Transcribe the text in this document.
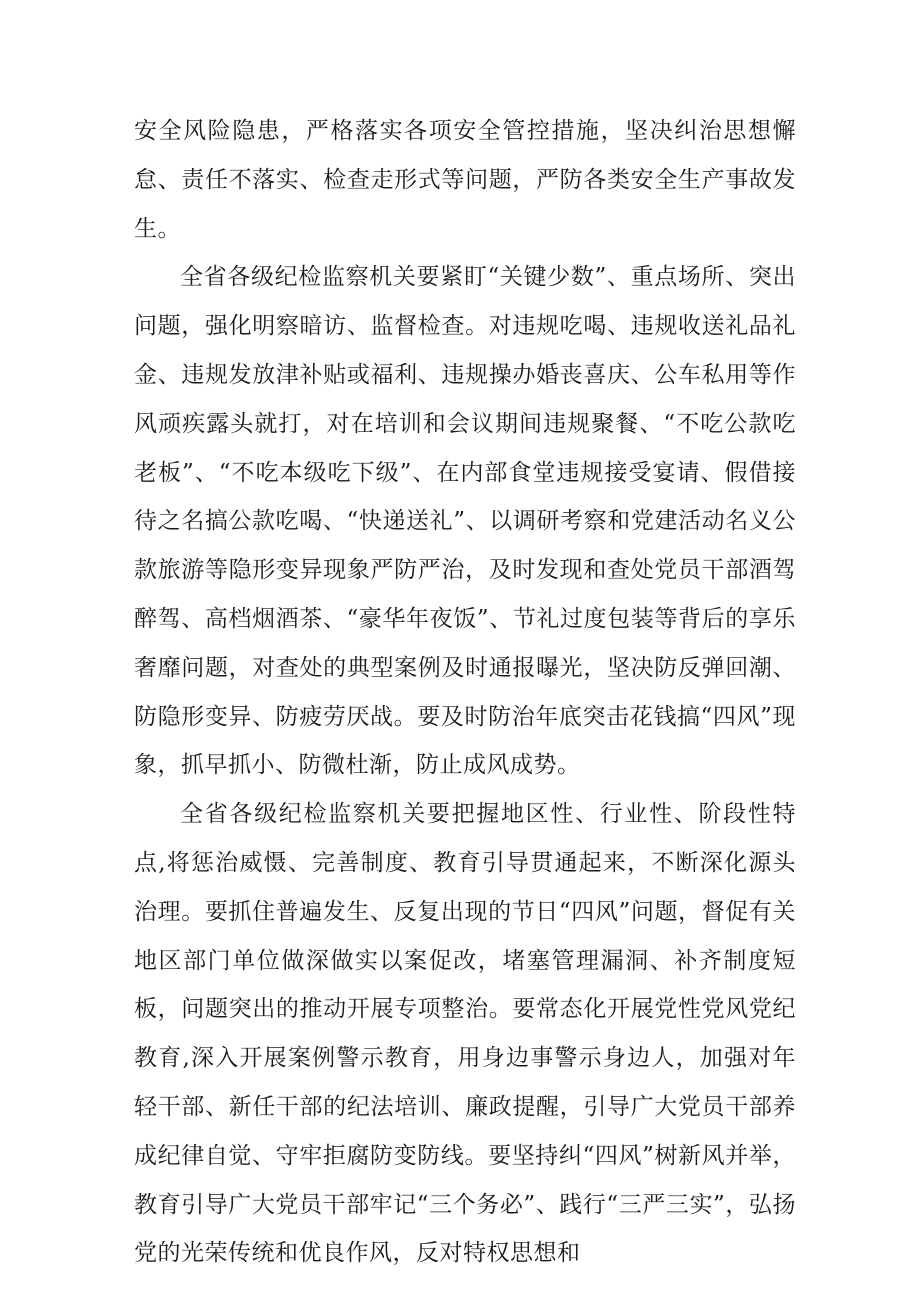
安全风险隐患，严格落实各项安全管控措施，坚决纠治思想懈怠、责任不落实、检查走形式等问题，严防各类安全生产事故发生。

全省各级纪检监察机关要紧盯“关键少数”、重点场所、突出问题，强化明察暗访、监督检查。对违规吃喝、违规收送礼品礼金、违规发放津补贴或福利、违规操办婚丧喜庆、公车私用等作风顽疾露头就打，对在培训和会议期间违规聚餐、“不吃公款吃老板”、“不吃本级吃下级”、在内部食堂违规接受宴请、假借接待之名搞公款吃喝、“快递送礼”、以调研考察和党建活动名义公款旅游等隐形变异现象严防严治，及时发现和查处党员干部酒驾醉驾、高档烟酒茶、“豪华年夜饭”、节礼过度包装等背后的享乐奢靡问题，对查处的典型案例及时通报曝光，坚决防反弹回潮、防隐形变异、防疲劳厌战。要及时防治年底突击花钱搞“四风”现象，抓早抓小、防微杜渐，防止成风成势。

全省各级纪检监察机关要把握地区性、行业性、阶段性特点,将惩治威慑、完善制度、教育引导贯通起来，不断深化源头治理。要抓住普遍发生、反复出现的节日“四风”问题，督促有关地区部门单位做深做实以案促改，堵塞管理漏洞、补齐制度短板，问题突出的推动开展专项整治。要常态化开展党性党风党纪教育,深入开展案例警示教育，用身边事警示身边人，加强对年轻干部、新任干部的纪法培训、廉政提醒，引导广大党员干部养成纪律自觉、守牢拒腐防变防线。要坚持纠“四风”树新风并举，教育引导广大党员干部牢记“三个务必”、践行“三严三实”，弘扬党的光荣传统和优良作风，反对特权思想和
